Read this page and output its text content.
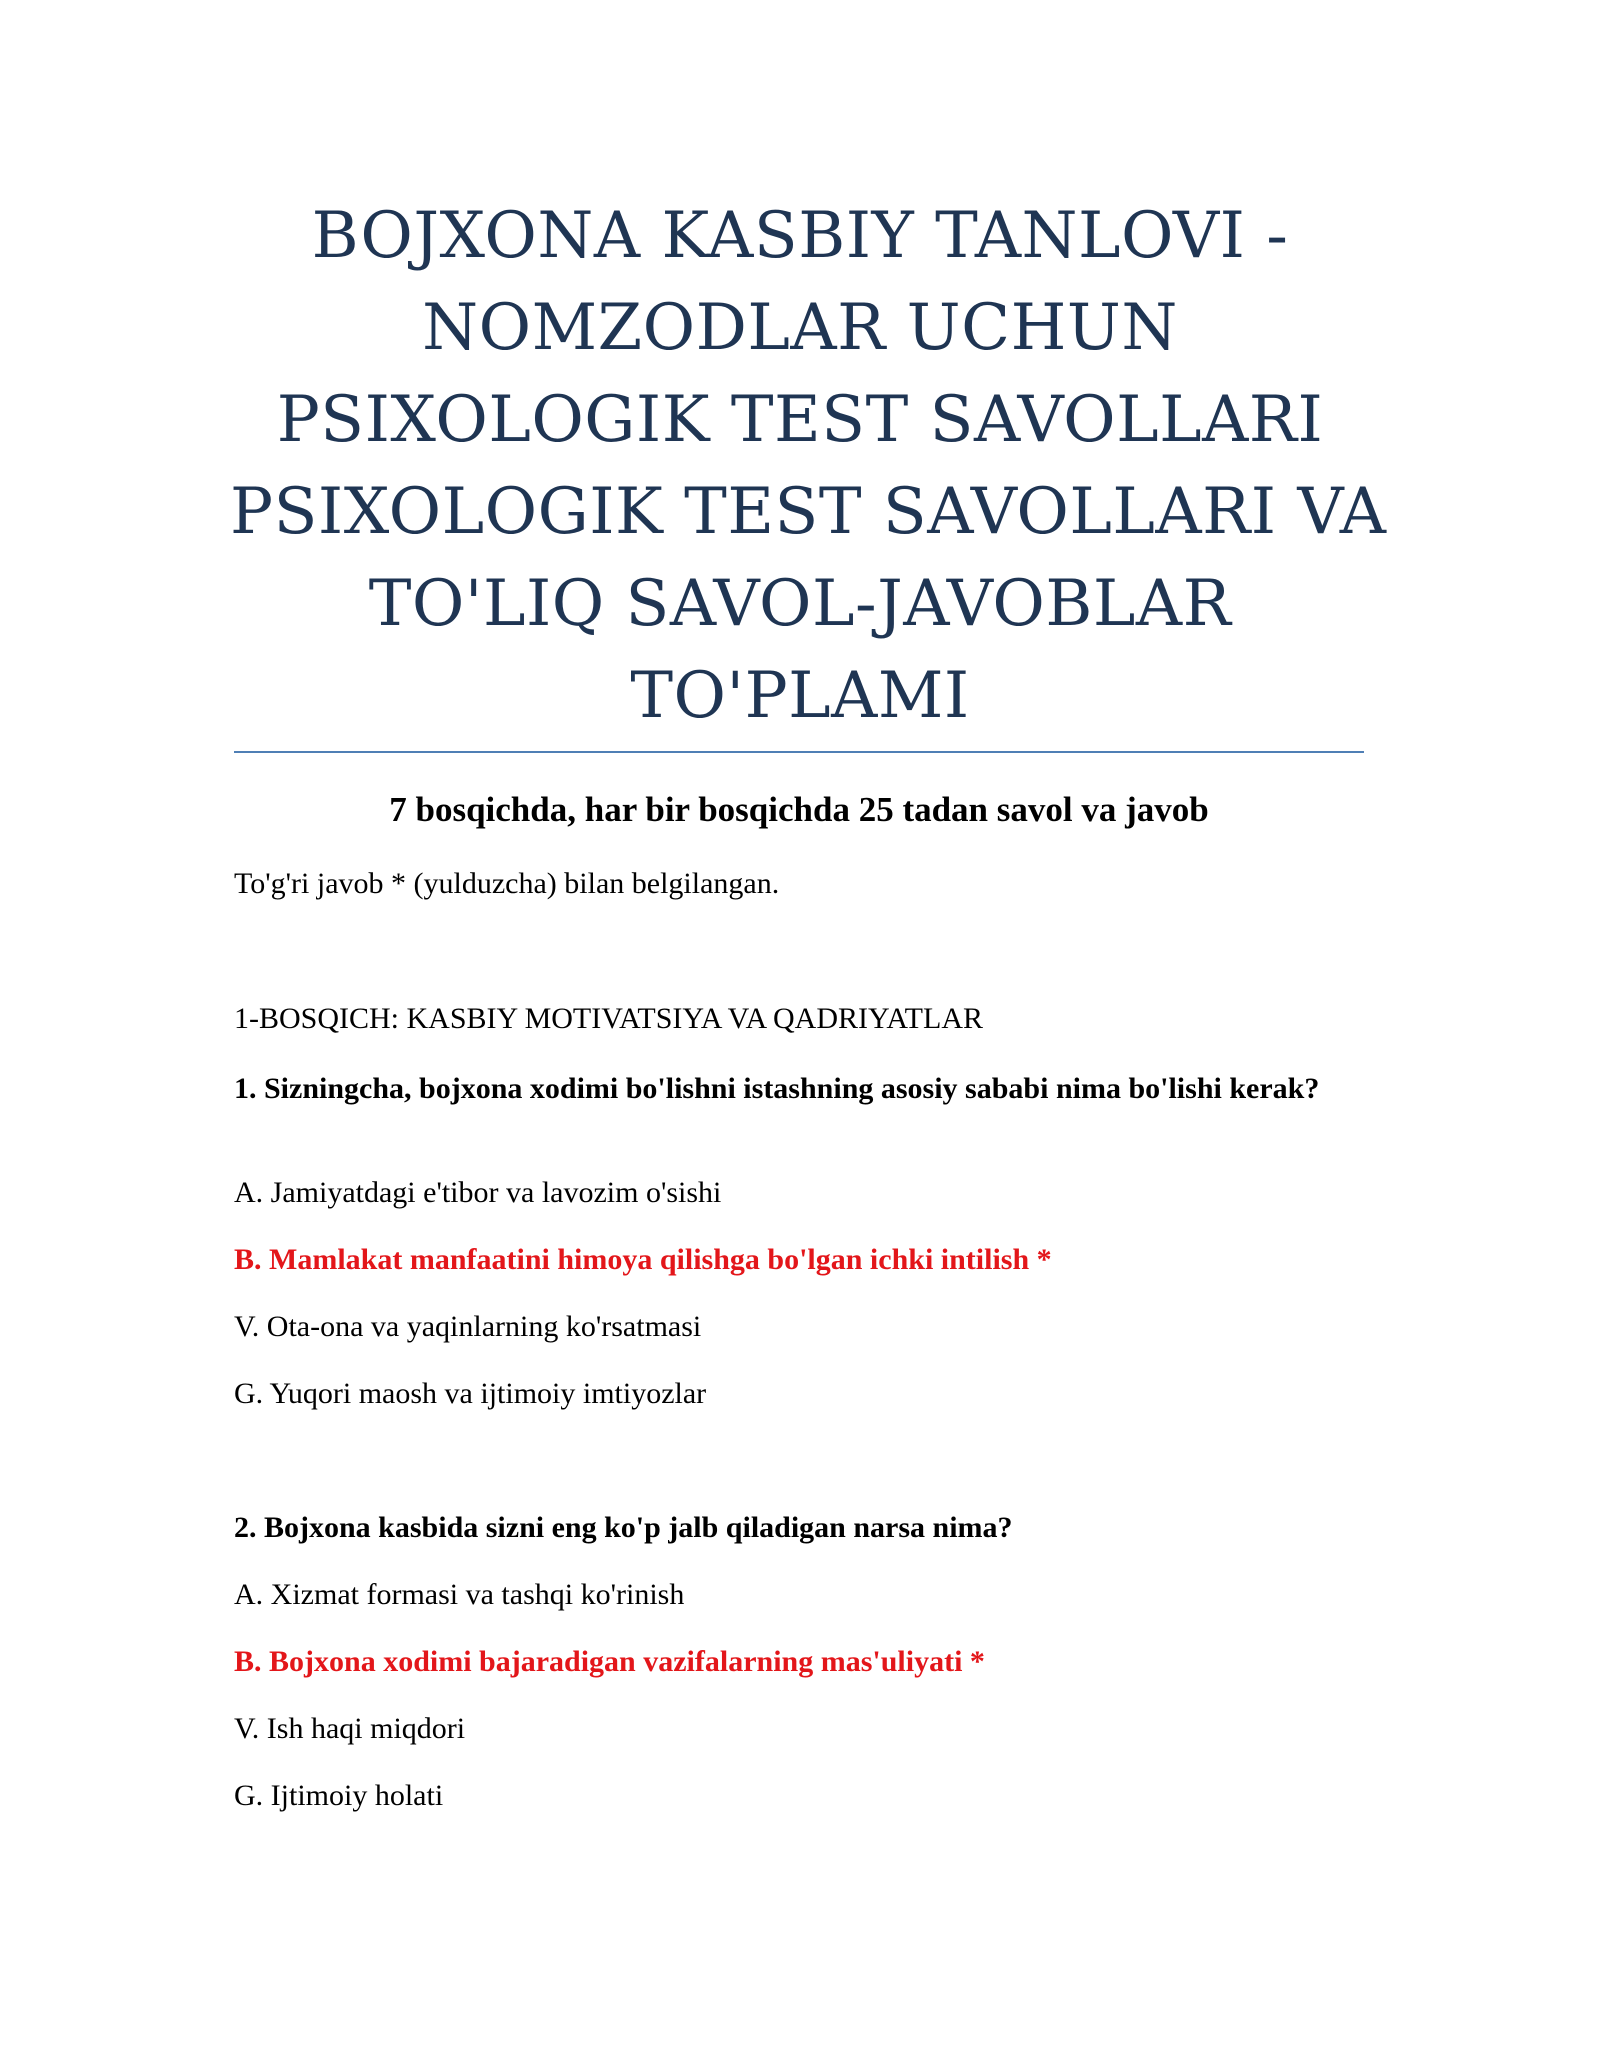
BOJXONA KASBIY TANLOVI -
NOMZODLAR UCHUN
PSIXOLOGIK TEST SAVOLLARI
PSIXOLOGIK TEST SAVOLLARI VA
TO'LIQ SAVOL-JAVOBLAR
TO'PLAMI
7 bosqichda, har bir bosqichda 25 tadan savol va javob
To'g'ri javob * (yulduzcha) bilan belgilangan.
1-BOSQICH: KASBIY MOTIVATSIYA VA QADRIYATLAR
1. Sizningcha, bojxona xodimi bo'lishni istashning asosiy sababi nima bo'lishi kerak?
A. Jamiyatdagi e'tibor va lavozim o'sishi
B. Mamlakat manfaatini himoya qilishga bo'lgan ichki intilish *
V. Ota-ona va yaqinlarning ko'rsatmasi
G. Yuqori maosh va ijtimoiy imtiyozlar
2. Bojxona kasbida sizni eng ko'p jalb qiladigan narsa nima?
A. Xizmat formasi va tashqi ko'rinish
B. Bojxona xodimi bajaradigan vazifalarning mas'uliyati *
V. Ish haqi miqdori
G. Ijtimoiy holati
